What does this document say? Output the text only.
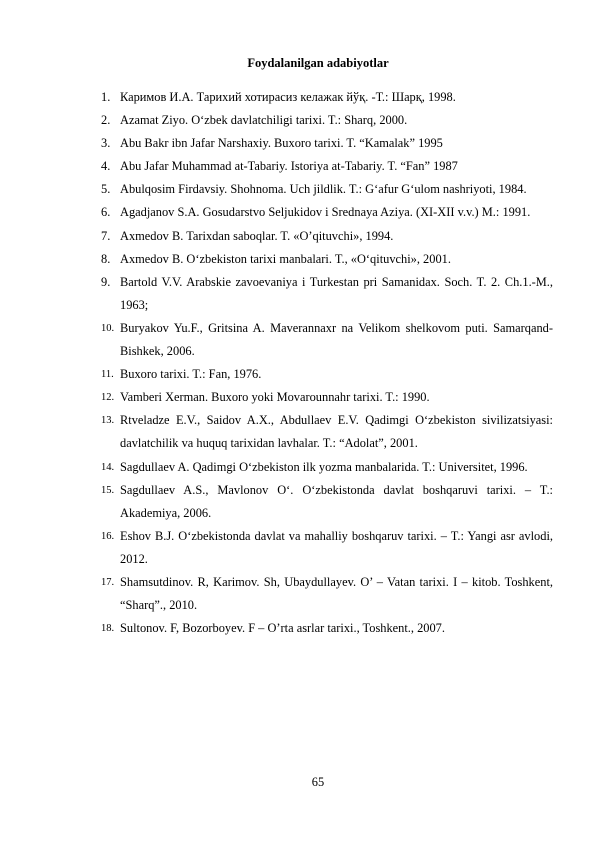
Foydalanilgan adabiyotlar
1. Каримов И.А. Тарихий хотирасиз келажак йўқ. -Т.: Шарқ, 1998.
2. Azamat Ziyo. O‘zbek davlatchiligi tarixi. T.: Sharq, 2000.
3. Abu Bakr ibn Jafar Narshaxiy. Buxoro tarixi. T. “Kamalak” 1995
4. Abu Jafar Muhammad at-Tabariy. Istoriya at-Tabariy. T. “Fan” 1987
5. Abulqosim Firdavsiy. Shohnoma. Uch jildlik. T.: G‘afur G‘ulom nashriyoti, 1984.
6. Agadjanov S.A. Gosudarstvo Seljukidov i Srednaya Aziya. (XI-XII v.v.) M.: 1991.
7. Axmedov B. Tarixdan saboqlar. T. «O’qituvchi», 1994.
8. Axmedov B. O‘zbekiston tarixi manbalari. T., «O‘qituvchi», 2001.
9. Bartold V.V. Arabskie zavoevaniya i Turkestan pri Samanidax. Soch. T. 2. Ch.1.-M., 1963;
10. Buryakov Yu.F., Gritsina A. Maverannaxr na Velikom shelkovom puti. Samarqand-Bishkek, 2006.
11. Buxoro tarixi. T.: Fan, 1976.
12. Vamberi Xerman. Buxoro yoki Movarounnahr tarixi. T.: 1990.
13. Rtveladze E.V., Saidov A.X., Abdullaev E.V. Qadimgi O‘zbekiston sivilizatsiyasi: davlatchilik va huquq tarixidan lavhalar. T.: “Adolat”, 2001.
14. Sagdullaev A. Qadimgi O‘zbekiston ilk yozma manbalarida. T.: Universitet, 1996.
15. Sagdullaev A.S., Mavlonov O‘. O‘zbekistonda davlat boshqaruvi tarixi. – T.: Akademiya, 2006.
16. Eshov B.J. O‘zbekistonda davlat va mahalliy boshqaruv tarixi. – T.: Yangi asr avlodi, 2012.
17. Shamsutdinov. R, Karimov. Sh, Ubaydullayev. O’ – Vatan tarixi. I – kitob. Toshkent, “Sharq”., 2010.
18. Sultonov. F, Bozorboyev. F – O’rta asrlar tarixi., Toshkent., 2007.
65
